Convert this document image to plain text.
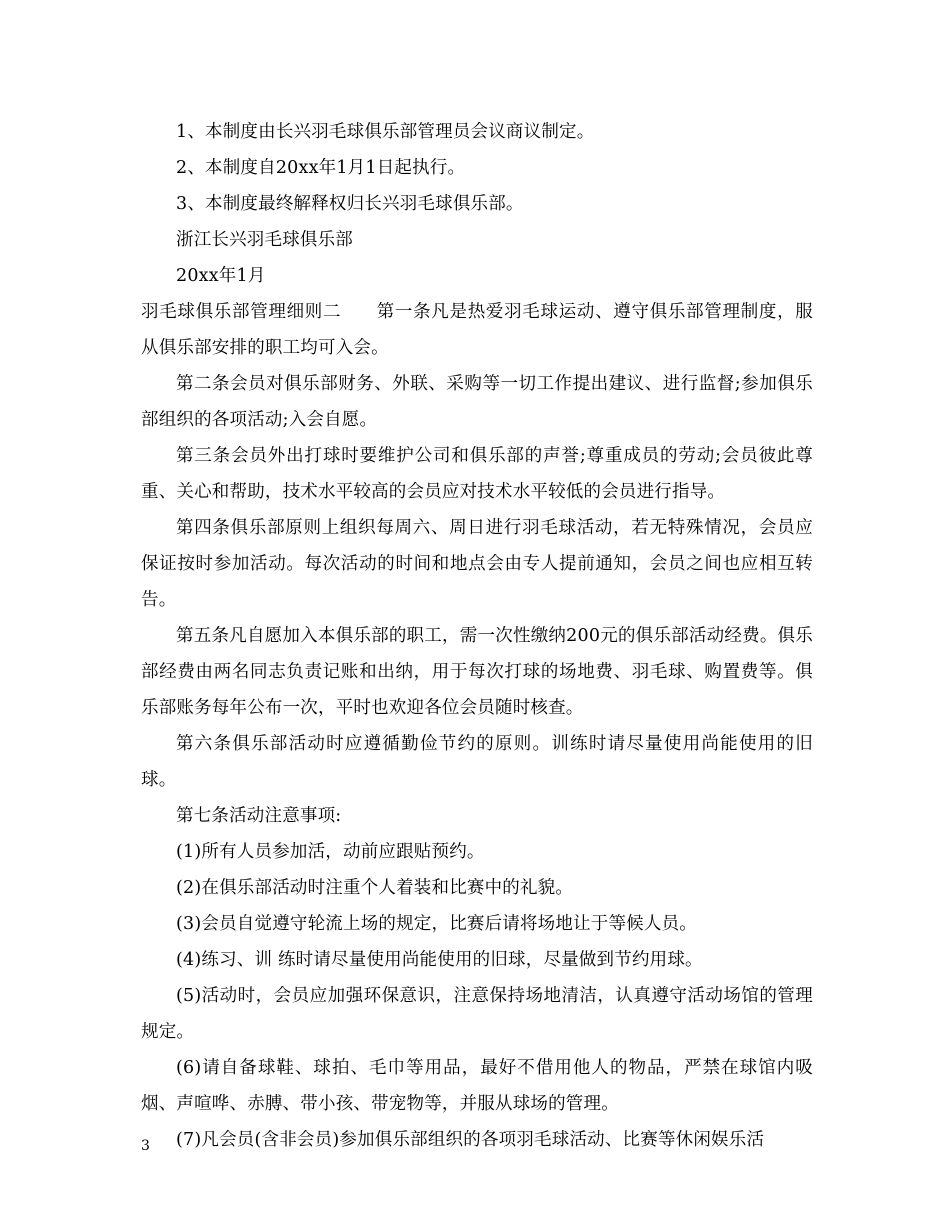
1、本制度由长兴羽毛球俱乐部管理员会议商议制定。

2、本制度自20xx年1月1日起执行。

3、本制度最终解释权归长兴羽毛球俱乐部。

浙江长兴羽毛球俱乐部

20xx年1月

羽毛球俱乐部管理细则二 第一条凡是热爱羽毛球运动、遵守俱乐部管理制度，服从俱乐部安排的职工均可入会。

第二条会员对俱乐部财务、外联、采购等一切工作提出建议、进行监督;参加俱乐部组织的各项活动;入会自愿。

第三条会员外出打球时要维护公司和俱乐部的声誉;尊重成员的劳动;会员彼此尊重、关心和帮助，技术水平较高的会员应对技术水平较低的会员进行指导。

第四条俱乐部原则上组织每周六、周日进行羽毛球活动，若无特殊情况，会员应保证按时参加活动。每次活动的时间和地点会由专人提前通知，会员之间也应相互转告。

第五条凡自愿加入本俱乐部的职工，需一次性缴纳200元的俱乐部活动经费。俱乐部经费由两名同志负责记账和出纳，用于每次打球的场地费、羽毛球、购置费等。俱乐部账务每年公布一次，平时也欢迎各位会员随时核查。

第六条俱乐部活动时应遵循勤俭节约的原则。训练时请尽量使用尚能使用的旧球。

第七条活动注意事项:

(1)所有人员参加活，动前应跟贴预约。

(2)在俱乐部活动时注重个人着装和比赛中的礼貌。

(3)会员自觉遵守轮流上场的规定，比赛后请将场地让于等候人员。

(4)练习、训 练时请尽量使用尚能使用的旧球，尽量做到节约用球。

(5)活动时，会员应加强环保意识，注意保持场地清洁，认真遵守活动场馆的管理规定。

(6)请自备球鞋、球拍、毛巾等用品，最好不借用他人的物品，严禁在球馆内吸烟、声喧哗、赤膊、带小孩、带宠物等，并服从球场的管理。

(7)凡会员(含非会员)参加俱乐部组织的各项羽毛球活动、比赛等休闲娱乐活

3
